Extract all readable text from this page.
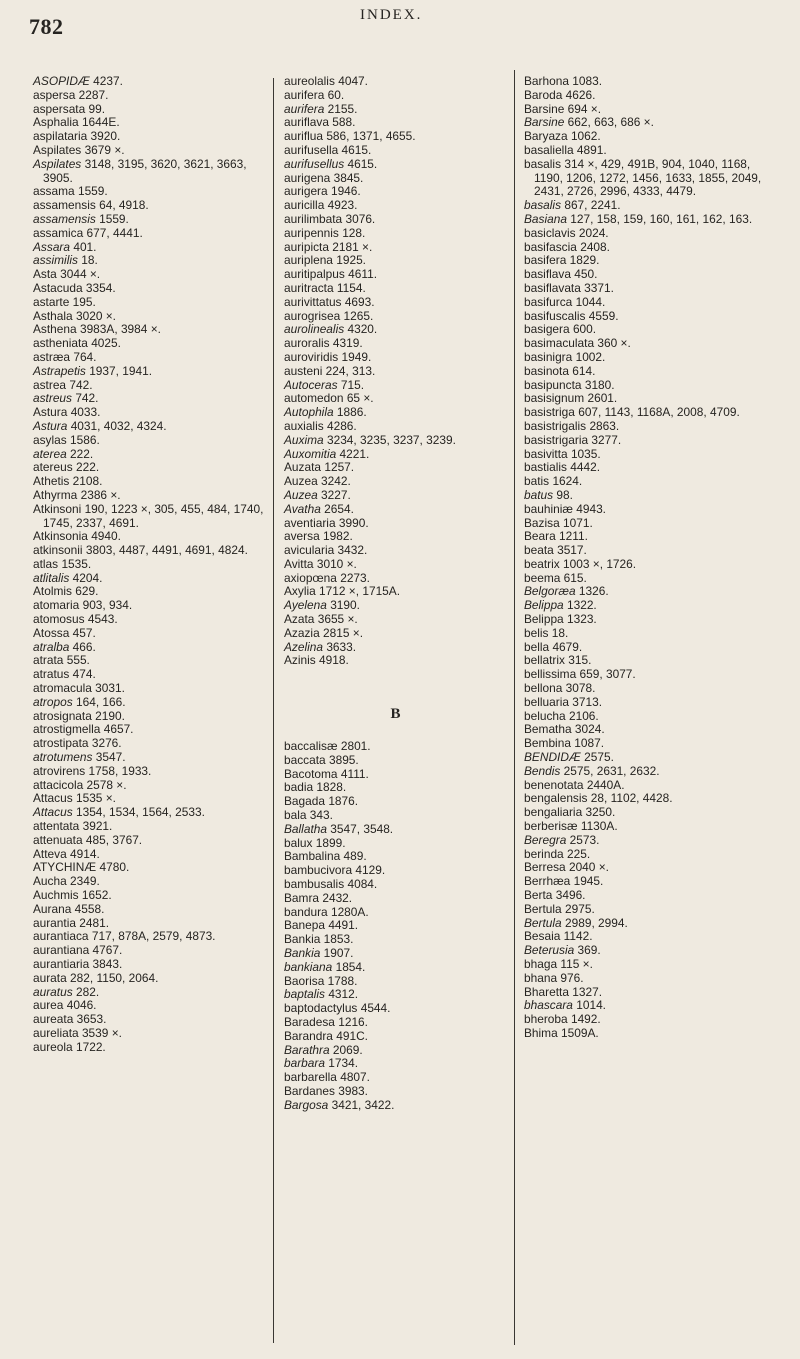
782	INDEX.

ASOPIDÆ 4237.

aspersa 2287.

aspersata 99.

Asphalia 1644E.

aspilataria 3920.

Aspilates 3679 ×.

Aspilates 3148, 3195, 3620, 3621, 3663, 3905.

assama 1559.

assamensis 64, 4918.

assamensis 1559.

assamica 677, 4441.

Assara 401.

assimilis 18.

Asta 3044 ×.

Astacuda 3354.

astarte 195.

Asthala 3020 ×.

Asthena 3983A, 3984 ×.

astheniata 4025.

astræa 764.

Astrapetis 1937, 1941.

astrea 742.

astreus 742.

Astura 4033.

Astura 4031, 4032, 4324.

asylas 1586.

aterea 222.

atereus 222.

Athetis 2108.

Athyrma 2386 ×.

Atkinsoni 190, 1223 ×, 305, 455, 484, 1740, 1745, 2337, 4691.

Atkinsonia 4940.

atkinsonii 3803, 4487, 4491, 4691, 4824.

atlas 1535.

atlitalis 4204.

Atolmis 629.

atomaria 903, 934.

atomosus 4543.

Atossa 457.

atralba 466.

atrata 555.

atratus 474.

atromacula 3031.

atropos 164, 166.

atrosignata 2190.

atrostigmella 4657.

atrostipata 3276.

atrotumens 3547.

atrovirens 1758, 1933.

attacicola 2578 ×.

Attacus 1535 ×.

Attacus 1354, 1534, 1564, 2533.

attentata 3921.

attenuata 485, 3767.

Atteva 4914.

ATYCHINÆ 4780.

Aucha 2349.

Auchmis 1652.

Aurana 4558.

aurantia 2481.

aurantiaca 717, 878A, 2579, 4873.

aurantiana 4767.

aurantiaria 3843.

aurata 282, 1150, 2064.

auratus 282.

aurea 4046.

aureata 3653.

aureliata 3539 ×.

aureola 1722.

aureolalis 4047.

aurifera 60.

aurifera 2155.

auriflava 588.

auriflua 586, 1371, 4655.

aurifusella 4615.

aurifusellus 4615.

aurigena 3845.

aurigera 1946.

auricilla 4923.

aurilimbata 3076.

auripennis 128.

auripicta 2181 ×.

auriplena 1925.

auritipalpus 4611.

auritracta 1154.

aurivittatus 4693.

aurogrisea 1265.

aurolinealis 4320.

auroralis 4319.

auroviridis 1949.

austeni 224, 313.

Autoceras 715.

automedon 65 ×.

Autophila 1886.

auxialis 4286.

Auxima 3234, 3235, 3237, 3239.

Auxomitia 4221.

Auzata 1257.

Auzea 3242.

Auzea 3227.

Avatha 2654.

aventiaria 3990.

aversa 1982.

avicularia 3432.

Avitta 3010 ×.

axiopœna 2273.

Axylia 1712 ×, 1715A.

Ayelena 3190.

Azata 3655 ×.

Azazia 2815 ×.

Azelina 3633.

Azinis 4918.

B

baccalisæ 2801.

baccata 3895.

Bacotoma 4111.

badia 1828.

Bagada 1876.

bala 343.

Ballatha 3547, 3548.

balux 1899.

Bambalina 489.

bambucivora 4129.

bambusalis 4084.

Bamra 2432.

bandura 1280A.

Banepa 4491.

Bankia 1853.

Bankia 1907.

bankiana 1854.

Baorisa 1788.

baptalis 4312.

baptodactylus 4544.

Baradesa 1216.

Barandra 491C.

Barathra 2069.

barbara 1734.

barbarella 4807.

Bardanes 3983.

Bargosa 3421, 3422.

Barhona 1083.

Baroda 4626.

Barsine 694 ×.

Barsine 662, 663, 686 ×.

Baryaza 1062.

basaliella 4891.

basalis 314 ×, 429, 491B, 904, 1040, 1168, 1190, 1206, 1272, 1456, 1633, 1855, 2049, 2431, 2726, 2996, 4333, 4479.

basalis 867, 2241.

Basiana 127, 158, 159, 160, 161, 162, 163.

basiclavis 2024.

basifascia 2408.

basifera 1829.

basiflava 450.

basiflavata 3371.

basifurca 1044.

basifuscalis 4559.

basigera 600.

basimaculata 360 ×.

basinigra 1002.

basinota 614.

basipuncta 3180.

basisignum 2601.

basistriga 607, 1143, 1168A, 2008, 4709.

basistrigalis 2863.

basistrigaria 3277.

basivitta 1035.

bastialis 4442.

batis 1624.

batus 98.

bauhiniæ 4943.

Bazisa 1071.

Beara 1211.

beata 3517.

beatrix 1003 ×, 1726.

beema 615.

Belgoræa 1326.

Belippa 1322.

Belippa 1323.

belis 18.

bella 4679.

bellatrix 315.

bellissima 659, 3077.

bellona 3078.

belluaria 3713.

belucha 2106.

Bematha 3024.

Bembina 1087.

BENDIDÆ 2575.

Bendis 2575, 2631, 2632.

benenotata 2440A.

bengalensis 28, 1102, 4428.

bengaliaria 3250.

berberisæ 1130A.

Beregra 2573.

berinda 225.

Berresa 2040 ×.

Berrhæa 1945.

Berta 3496.

Bertula 2975.

Bertula 2989, 2994.

Besaia 1142.

Beterusia 369.

bhaga 115 ×.

bhana 976.

Bharetta 1327.

bhascara 1014.

bheroba 1492.

Bhima 1509A.
